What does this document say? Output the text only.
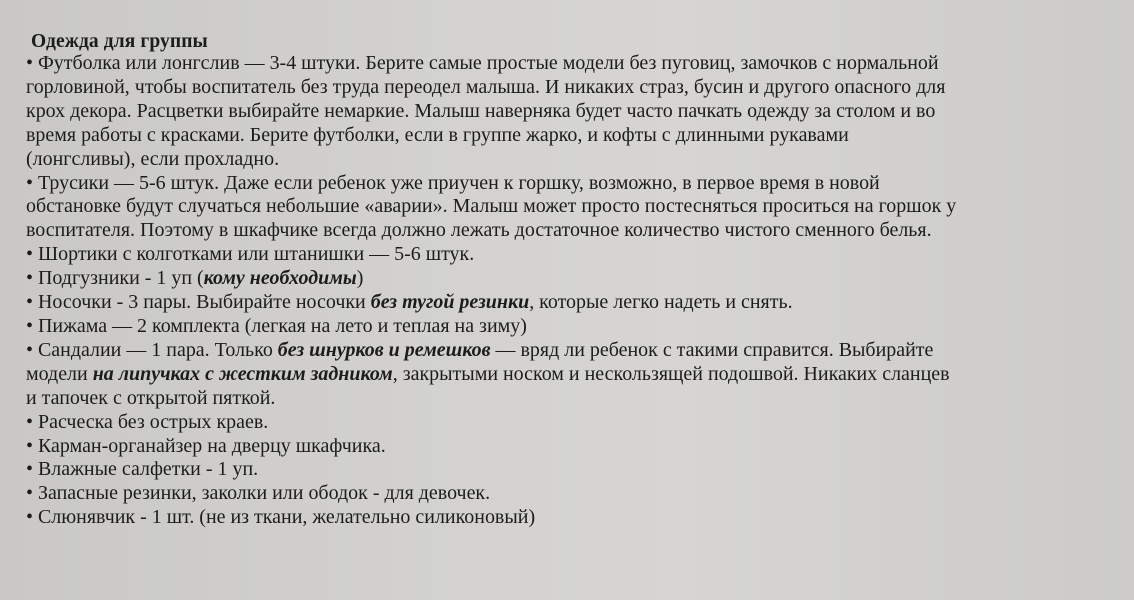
Одежда для группы
• Футболка или лонгслив — 3-4 штуки. Берите самые простые модели без пуговиц, замочков с нормальной
горловиной, чтобы воспитатель без труда переодел малыша. И никаких страз, бусин и другого опасного для
крох декора. Расцветки выбирайте немаркие. Малыш наверняка будет часто пачкать одежду за столом и во
время работы с красками. Берите футболки, если в группе жарко, и кофты с длинными рукавами
(лонгсливы), если прохладно.
• Трусики — 5-6 штук. Даже если ребенок уже приучен к горшку, возможно, в первое время в новой
обстановке будут случаться небольшие «аварии». Малыш может просто постесняться проситься на горшок у
воспитателя. Поэтому в шкафчике всегда должно лежать достаточное количество чистого сменного белья.
• Шортики с колготками или штанишки — 5-6 штук.
• Подгузники - 1 уп (кому необходимы)
• Носочки - 3 пары. Выбирайте носочки без тугой резинки, которые легко надеть и снять.
• Пижама — 2 комплекта (легкая на лето и теплая на зиму)
• Сандалии — 1 пара. Только без шнурков и ремешков — вряд ли ребенок с такими справится. Выбирайте
модели на липучках с жестким задником, закрытыми носком и нескользящей подошвой. Никаких сланцев
и тапочек с открытой пяткой.
• Расческа без острых краев.
• Карман-органайзер на дверцу шкафчика.
• Влажные салфетки - 1 уп.
• Запасные резинки, заколки или ободок - для девочек.
• Слюнявчик - 1 шт. (не из ткани, желательно силиконовый)
